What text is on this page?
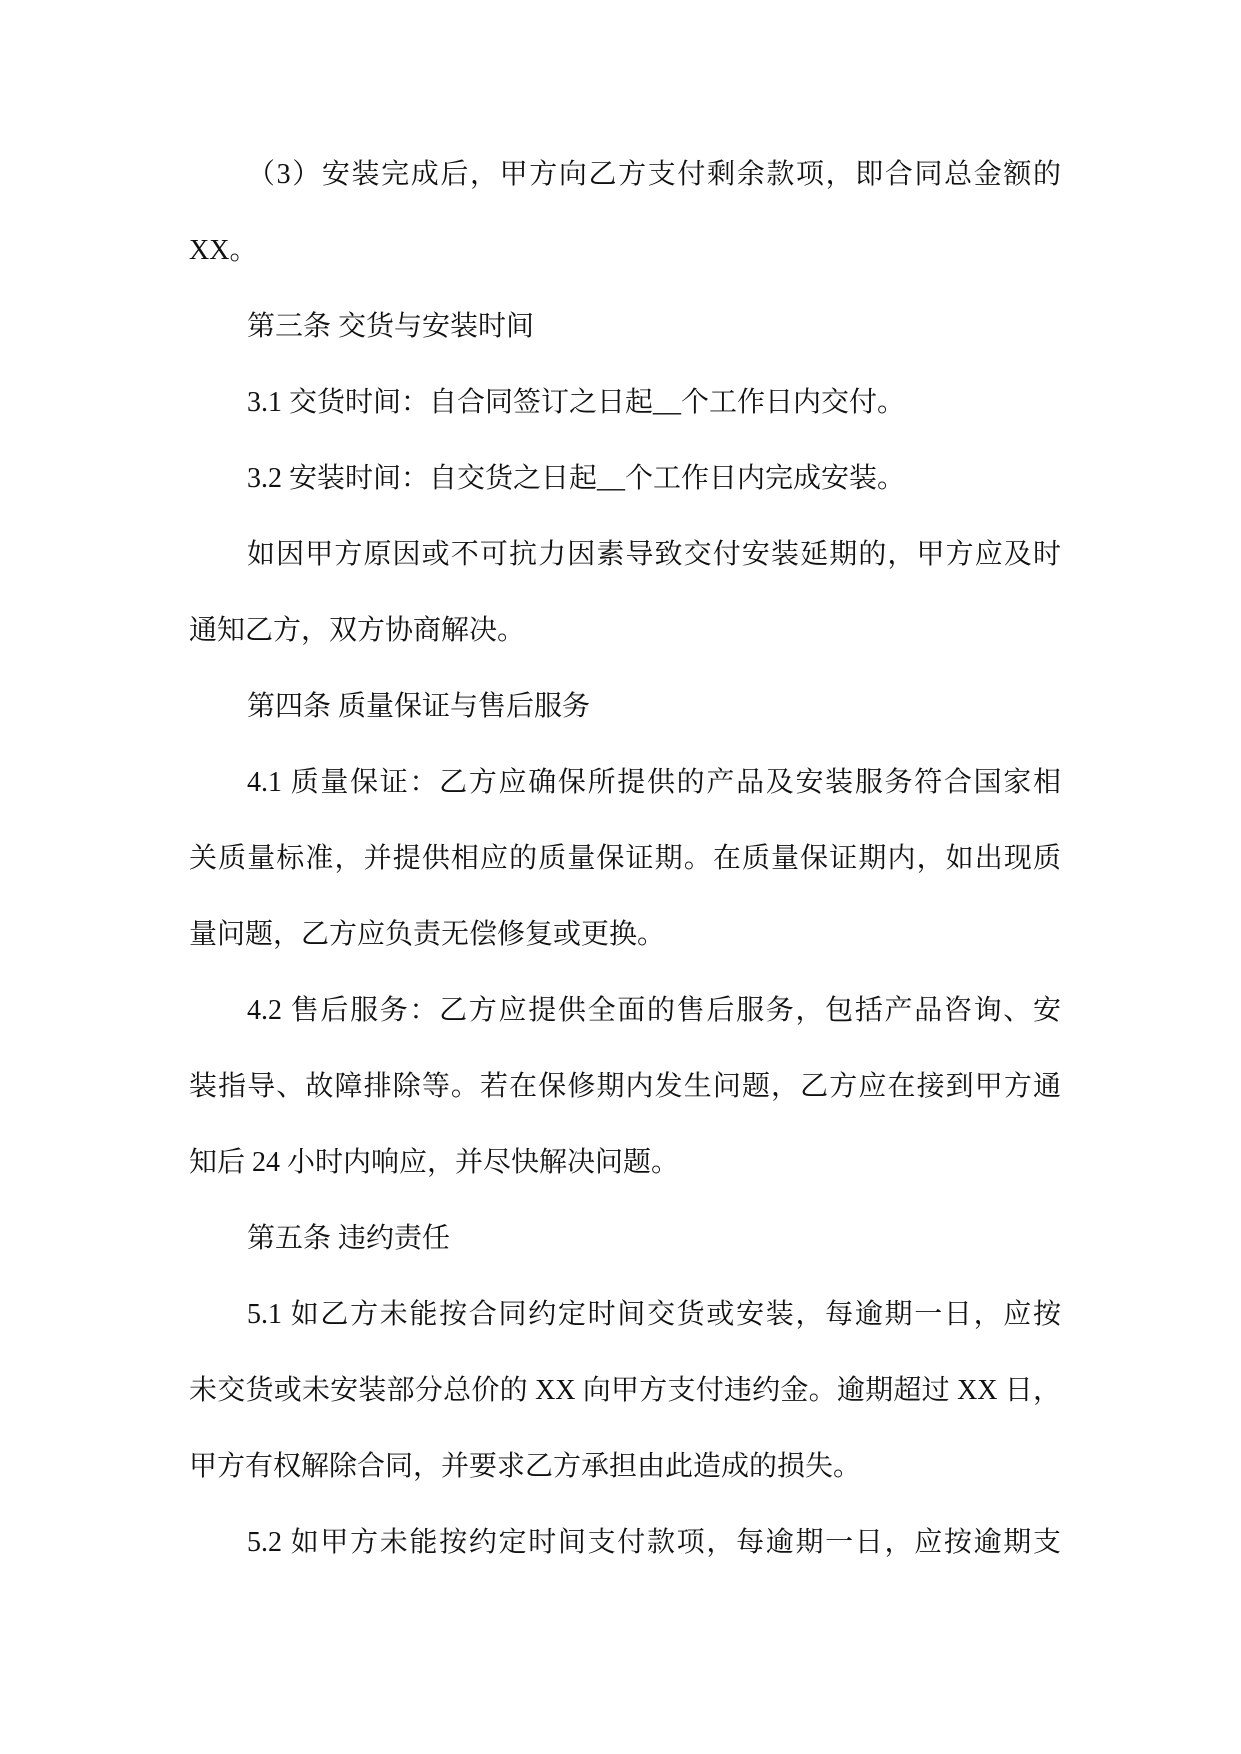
（3）安装完成后，甲方向乙方支付剩余款项，即合同总金额的
XX。
第三条 交货与安装时间
3.1 交货时间：自合同签订之日起__个工作日内交付。
3.2 安装时间：自交货之日起__个工作日内完成安装。
如因甲方原因或不可抗力因素导致交付安装延期的，甲方应及时
通知乙方，双方协商解决。
第四条 质量保证与售后服务
4.1 质量保证：乙方应确保所提供的产品及安装服务符合国家相
关质量标准，并提供相应的质量保证期。在质量保证期内，如出现质
量问题，乙方应负责无偿修复或更换。
4.2 售后服务：乙方应提供全面的售后服务，包括产品咨询、安
装指导、故障排除等。若在保修期内发生问题，乙方应在接到甲方通
知后 24 小时内响应，并尽快解决问题。
第五条 违约责任
5.1 如乙方未能按合同约定时间交货或安装，每逾期一日，应按
未交货或未安装部分总价的 XX 向甲方支付违约金。逾期超过 XX 日，
甲方有权解除合同，并要求乙方承担由此造成的损失。
5.2 如甲方未能按约定时间支付款项，每逾期一日，应按逾期支
